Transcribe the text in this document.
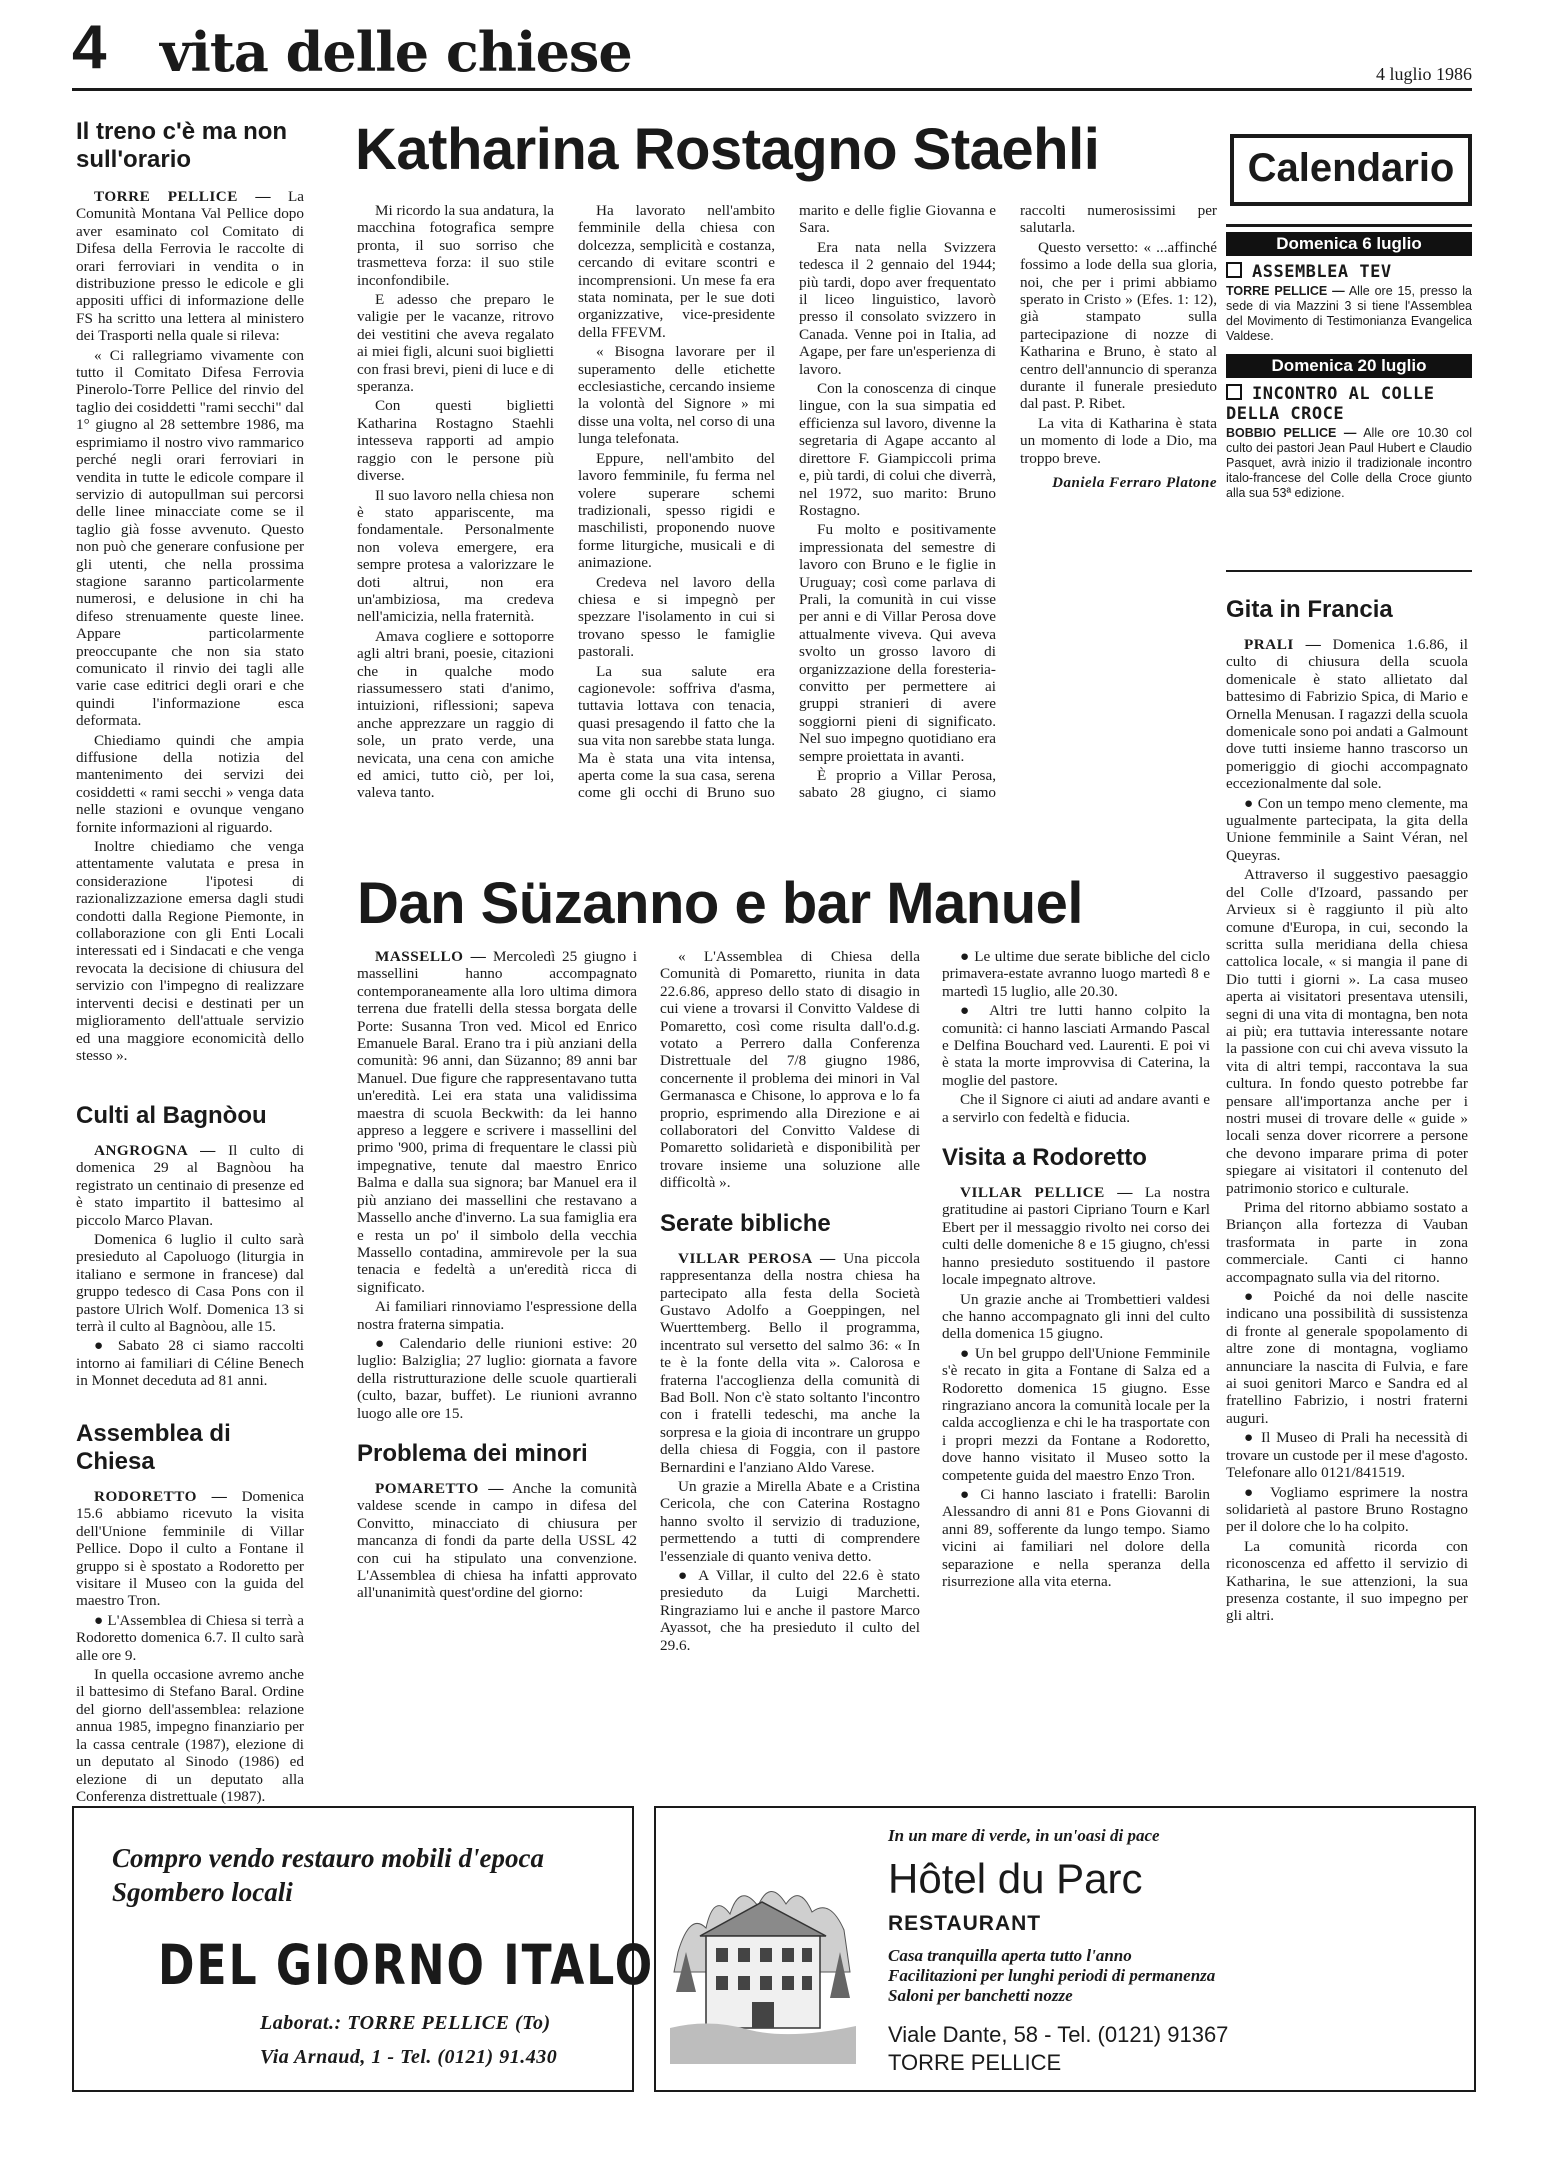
4 vita delle chiese	4 luglio 1986
Il treno c'è ma non sull'orario

TORRE PELLICE — La Comunità Montana Val Pellice dopo aver esaminato col Comitato di Difesa della Ferrovia le raccolte di orari ferroviari in vendita o in distribuzione presso le edicole e gli appositi uffici di informazione delle FS ha scritto una lettera al ministero dei Trasporti nella quale si rileva:

« Ci rallegriamo vivamente con tutto il Comitato Difesa Ferrovia Pinerolo-Torre Pellice del rinvio del taglio dei cosiddetti "rami secchi" dal 1° giugno al 28 settembre 1986, ma esprimiamo il nostro vivo rammarico perché negli orari ferroviari in vendita in tutte le edicole compare il servizio di autopullman sui percorsi delle linee minacciate come se il taglio già fosse avvenuto. Questo non può che generare confusione per gli utenti, che nella prossima stagione saranno particolarmente numerosi, e delusione in chi ha difeso strenuamente queste linee. Appare particolarmente preoccupante che non sia stato comunicato il rinvio dei tagli alle varie case editrici degli orari e che quindi l'informazione esca deformata.

Chiediamo quindi che ampia diffusione della notizia del mantenimento dei servizi dei cosiddetti « rami secchi » venga data nelle stazioni e ovunque vengano fornite informazioni al riguardo.

Inoltre chiediamo che venga attentamente valutata e presa in considerazione l'ipotesi di razionalizzazione emersa dagli studi condotti dalla Regione Piemonte, in collaborazione con gli Enti Locali interessati ed i Sindacati e che venga revocata la decisione di chiusura del servizio con l'impegno di realizzare interventi decisi e destinati per un miglioramento dell'attuale servizio ed una maggiore economicità dello stesso ».

Culti al Bagnòou

ANGROGNA — Il culto di domenica 29 al Bagnòou ha registrato un centinaio di presenze ed è stato impartito il battesimo al piccolo Marco Plavan.

Domenica 6 luglio il culto sarà presieduto al Capoluogo (liturgia in italiano e sermone in francese) dal gruppo tedesco di Casa Pons con il pastore Ulrich Wolf. Domenica 13 si terrà il culto al Bagnòou, alle 15.

● Sabato 28 ci siamo raccolti intorno ai familiari di Céline Benech in Monnet deceduta ad 81 anni.

Assemblea di Chiesa

RODORETTO — Domenica 15.6 abbiamo ricevuto la visita dell'Unione femminile di Villar Pellice. Dopo il culto a Fontane il gruppo si è spostato a Rodoretto per visitare il Museo con la guida del maestro Tron.

● L'Assemblea di Chiesa si terrà a Rodoretto domenica 6.7. Il culto sarà alle ore 9.

In quella occasione avremo anche il battesimo di Stefano Baral. Ordine del giorno dell'assemblea: relazione annua 1985, impegno finanziario per la cassa centrale (1987), elezione di un deputato al Sinodo (1986) ed elezione di un deputato alla Conferenza distrettuale (1987).

Katharina Rostagno Staehli

Mi ricordo la sua andatura, la macchina fotografica sempre pronta, il suo sorriso che trasmetteva forza: il suo stile inconfondibile.

E adesso che preparo le valigie per le vacanze, ritrovo dei vestitini che aveva regalato ai miei figli, alcuni suoi biglietti con frasi brevi, pieni di luce e di speranza.

Con questi biglietti Katharina Rostagno Staehli intesseva rapporti ad ampio raggio con le persone più diverse.

Il suo lavoro nella chiesa non è stato appariscente, ma fondamentale. Personalmente non voleva emergere, era sempre protesa a valorizzare le doti altrui, non era un'ambiziosa, ma credeva nell'amicizia, nella fraternità.

Amava cogliere e sottoporre agli altri brani, poesie, citazioni che in qualche modo riassumessero stati d'animo, intuizioni, riflessioni; sapeva anche apprezzare un raggio di sole, un prato verde, una nevicata, una cena con amiche ed amici, tutto ciò, per loi, valeva tanto.

Ha lavorato nell'ambito femminile della chiesa con dolcezza, semplicità e costanza, cercando di evitare scontri e incomprensioni. Un mese fa era stata nominata, per le sue doti organizzative, vice-presidente della FFEVM.

« Bisogna lavorare per il superamento delle etichette ecclesiastiche, cercando insieme la volontà del Signore » mi disse una volta, nel corso di una lunga telefonata.

Eppure, nell'ambito del lavoro femminile, fu ferma nel volere superare schemi tradizionali, spesso rigidi e maschilisti, proponendo nuove forme liturgiche, musicali e di animazione.

Credeva nel lavoro della chiesa e si impegnò per spezzare l'isolamento in cui si trovano spesso le famiglie pastorali.

La sua salute era cagionevole: soffriva d'asma, tuttavia lottava con tenacia, quasi presagendo il fatto che la sua vita non sarebbe stata lunga. Ma è stata una vita intensa, aperta come la sua casa, serena come gli occhi di Bruno suo marito e delle figlie Giovanna e Sara.

Era nata nella Svizzera tedesca il 2 gennaio del 1944; più tardi, dopo aver frequentato il liceo linguistico, lavorò presso il consolato svizzero in Canada. Venne poi in Italia, ad Agape, per fare un'esperienza di lavoro.

Con la conoscenza di cinque lingue, con la sua simpatia ed efficienza sul lavoro, divenne la segretaria di Agape accanto al direttore F. Giampiccoli prima e, più tardi, di colui che diverrà, nel 1972, suo marito: Bruno Rostagno.

Fu molto e positivamente impressionata del semestre di lavoro con Bruno e le figlie in Uruguay; così come parlava di Prali, la comunità in cui visse per anni e di Villar Perosa dove attualmente viveva. Qui aveva svolto un grosso lavoro di organizzazione della foresteria-convitto per permettere ai gruppi stranieri di avere soggiorni pieni di significato. Nel suo impegno quotidiano era sempre proiettata in avanti.

È proprio a Villar Perosa, sabato 28 giugno, ci siamo raccolti numerosissimi per salutarla.

Questo versetto: « ...affinché fossimo a lode della sua gloria, noi, che per i primi abbiamo sperato in Cristo » (Efes. 1: 12), già stampato sulla partecipazione di nozze di Katharina e Bruno, è stato al centro dell'annuncio di speranza durante il funerale presieduto dal past. P. Ribet.

La vita di Katharina è stata un momento di lode a Dio, ma troppo breve.

Daniela Ferraro Platone
Dan Süzanno e bar Manuel

MASSELLO — Mercoledì 25 giugno i massellini hanno accompagnato contemporaneamente alla loro ultima dimora terrena due fratelli della stessa borgata delle Porte: Susanna Tron ved. Micol ed Enrico Emanuele Baral. Erano tra i più anziani della comunità: 96 anni, dan Süzanno; 89 anni bar Manuel. Due figure che rappresentavano tutta un'eredità. Lei era stata una validissima maestra di scuola Beckwith: da lei hanno appreso a leggere e scrivere i massellini del primo '900, prima di frequentare le classi più impegnative, tenute dal maestro Enrico Balma e dalla sua signora; bar Manuel era il più anziano dei massellini che restavano a Massello anche d'inverno. La sua famiglia era e resta un po' il simbolo della vecchia Massello contadina, ammirevole per la sua tenacia e fedeltà a un'eredità ricca di significato.

Ai familiari rinnoviamo l'espressione della nostra fraterna simpatia.

● Calendario delle riunioni estive: 20 luglio: Balziglia; 27 luglio: giornata a favore della ristrutturazione delle scuole quartierali (culto, bazar, buffet). Le riunioni avranno luogo alle ore 15.

Problema dei minori

POMARETTO — Anche la comunità valdese scende in campo in difesa del Convitto, minacciato di chiusura per mancanza di fondi da parte della USSL 42 con cui ha stipulato una convenzione. L'Assemblea di chiesa ha infatti approvato all'unanimità quest'ordine del giorno:

« L'Assemblea di Chiesa della Comunità di Pomaretto, riunita in data 22.6.86, appreso dello stato di disagio in cui viene a trovarsi il Convitto Valdese di Pomaretto, così come risulta dall'o.d.g. votato a Perrero dalla Conferenza Distrettuale del 7/8 giugno 1986, concernente il problema dei minori in Val Germanasca e Chisone, lo approva e lo fa proprio, esprimendo alla Direzione e ai collaboratori del Convitto Valdese di Pomaretto solidarietà e disponibilità per trovare insieme una soluzione alle difficoltà ».

Serate bibliche

VILLAR PEROSA — Una piccola rappresentanza della nostra chiesa ha partecipato alla festa della Società Gustavo Adolfo a Goeppingen, nel Wuerttemberg. Bello il programma, incentrato sul versetto del salmo 36: « In te è la fonte della vita ». Calorosa e fraterna l'accoglienza della comunità di Bad Boll. Non c'è stato soltanto l'incontro con i fratelli tedeschi, ma anche la sorpresa e la gioia di incontrare un gruppo della chiesa di Foggia, con il pastore Bernardini e l'anziano Aldo Varese.

Un grazie a Mirella Abate e a Cristina Cericola, che con Caterina Rostagno hanno svolto il servizio di traduzione, permettendo a tutti di comprendere l'essenziale di quanto veniva detto.

● A Villar, il culto del 22.6 è stato presieduto da Luigi Marchetti. Ringraziamo lui e anche il pastore Marco Ayassot, che ha presieduto il culto del 29.6.

● Le ultime due serate bibliche del ciclo primavera-estate avranno luogo martedì 8 e martedì 15 luglio, alle 20.30.

● Altri tre lutti hanno colpito la comunità: ci hanno lasciati Armando Pascal e Delfina Bouchard ved. Laurenti. E poi vi è stata la morte improvvisa di Caterina, la moglie del pastore.

Che il Signore ci aiuti ad andare avanti e a servirlo con fedeltà e fiducia.

Visita a Rodoretto

VILLAR PELLICE — La nostra gratitudine ai pastori Cipriano Tourn e Karl Ebert per il messaggio rivolto nei corso dei culti delle domeniche 8 e 15 giugno, ch'essi hanno presieduto sostituendo il pastore locale impegnato altrove.

Un grazie anche ai Trombettieri valdesi che hanno accompagnato gli inni del culto della domenica 15 giugno.

● Un bel gruppo dell'Unione Femminile s'è recato in gita a Fontane di Salza ed a Rodoretto domenica 15 giugno. Esse ringraziano ancora la comunità locale per la calda accoglienza e chi le ha trasportate con i propri mezzi da Fontane a Rodoretto, dove hanno visitato il Museo sotto la competente guida del maestro Enzo Tron.

● Ci hanno lasciato i fratelli: Barolin Alessandro di anni 81 e Pons Giovanni di anni 89, sofferente da lungo tempo. Siamo vicini ai familiari nel dolore della separazione e nella speranza della risurrezione alla vita eterna.

Calendario
Domenica 6 luglio
ASSEMBLEA TEV
TORRE PELLICE — Alle ore 15, presso la sede di via Mazzini 3 si tiene l'Assemblea del Movimento di Testimonianza Evangelica Valdese.
Domenica 20 luglio
INCONTRO AL COLLE DELLA CROCE
BOBBIO PELLICE — Alle ore 10.30 col culto dei pastori Jean Paul Hubert e Claudio Pasquet, avrà inizio il tradizionale incontro italo-francese del Colle della Croce giunto alla sua 53ª edizione.
Gita in Francia

PRALI — Domenica 1.6.86, il culto di chiusura della scuola domenicale è stato allietato dal battesimo di Fabrizio Spica, di Mario e Ornella Menusan. I ragazzi della scuola domenicale sono poi andati a Galmount dove tutti insieme hanno trascorso un pomeriggio di giochi accompagnato eccezionalmente dal sole.

● Con un tempo meno clemente, ma ugualmente partecipata, la gita della Unione femminile a Saint Véran, nel Queyras.

Attraverso il suggestivo paesaggio del Colle d'Izoard, passando per Arvieux si è raggiunto il più alto comune d'Europa, in cui, secondo la scritta sulla meridiana della chiesa cattolica locale, « si mangia il pane di Dio tutti i giorni ». La casa museo aperta ai visitatori presentava utensili, segni di una vita di montagna, ben nota ai più; era tuttavia interessante notare la passione con cui chi aveva vissuto la vita di altri tempi, raccontava la sua cultura. In fondo questo potrebbe far pensare all'importanza anche per i nostri musei di trovare delle « guide » locali senza dover ricorrere a persone che devono imparare prima di poter spiegare ai visitatori il contenuto del patrimonio storico e culturale.

Prima del ritorno abbiamo sostato a Briançon alla fortezza di Vauban trasformata in parte in zona commerciale. Canti ci hanno accompagnato sulla via del ritorno.

● Poiché da noi delle nascite indicano una possibilità di sussistenza di fronte al generale spopolamento di altre zone di montagna, vogliamo annunciare la nascita di Fulvia, e fare ai suoi genitori Marco e Sandra ed al fratellino Fabrizio, i nostri fraterni auguri.

● Il Museo di Prali ha necessità di trovare un custode per il mese d'agosto. Telefonare allo 0121/841519.

● Vogliamo esprimere la nostra solidarietà al pastore Bruno Rostagno per il dolore che lo ha colpito.

La comunità ricorda con riconoscenza ed affetto il servizio di Katharina, le sue attenzioni, la sua presenza costante, il suo impegno per gli altri.

Compro vendo restauro mobili d'epoca
Sgombero locali
DEL GIORNO ITALO
Laborat.: TORRE PELLICE (To)
Via Arnaud, 1 - Tel. (0121) 91.430
In un mare di verde, in un'oasi di pace
Hôtel du Parc
RESTAURANT
Casa tranquilla aperta tutto l'anno
Facilitazioni per lunghi periodi di permanenza
Saloni per banchetti nozze
Viale Dante, 58 - Tel. (0121) 91367
TORRE PELLICE
